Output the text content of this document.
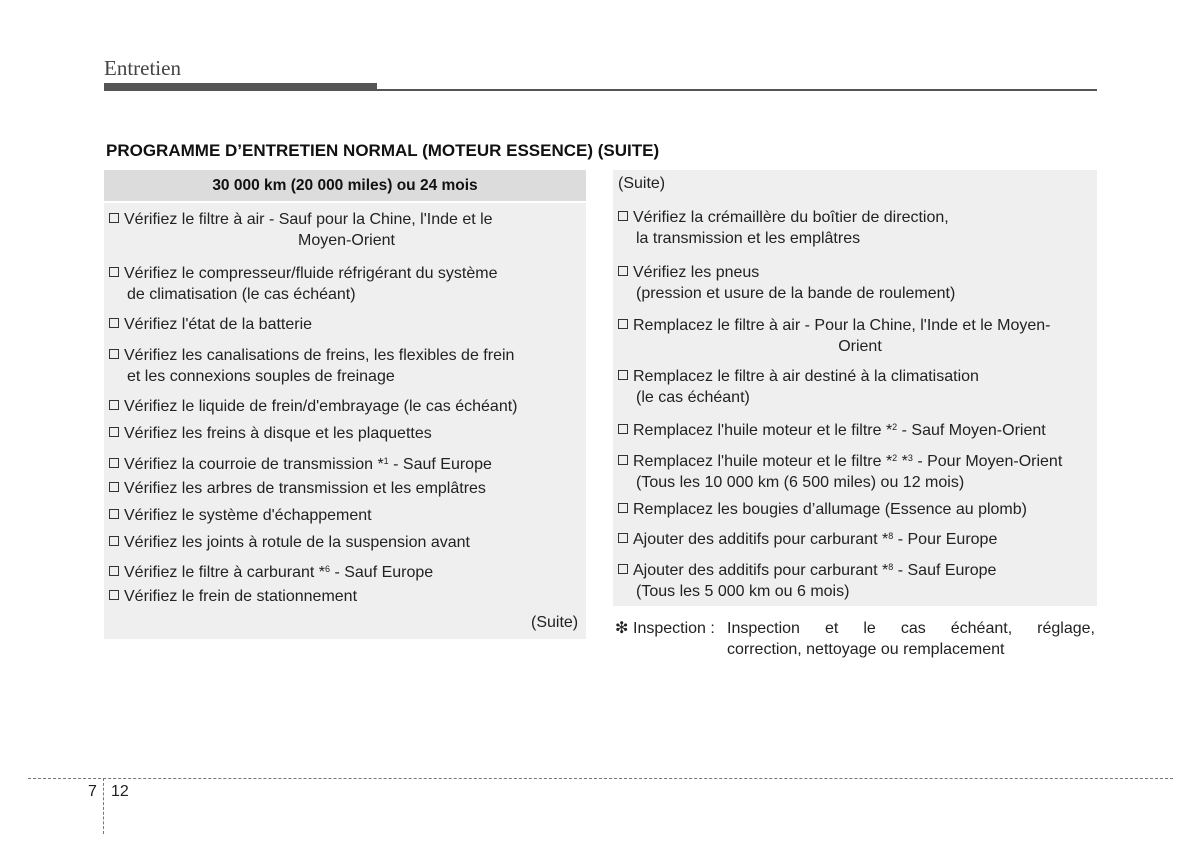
Entretien
PROGRAMME D’ENTRETIEN NORMAL (MOTEUR ESSENCE) (SUITE)
30 000 km (20 000 miles) ou 24 mois
Vérifiez le filtre à air - Sauf pour la Chine, l'Inde et le
Moyen-Orient
Vérifiez le compresseur/fluide réfrigérant du système
de climatisation (le cas échéant)
Vérifiez l'état de la batterie
Vérifiez les canalisations de freins, les flexibles de frein
et les connexions souples de freinage
Vérifiez le liquide de frein/d'embrayage (le cas échéant)
Vérifiez les freins à disque et les plaquettes
Vérifiez la courroie de transmission *$^1$ - Sauf Europe
Vérifiez les arbres de transmission et les emplâtres
Vérifiez le système d'échappement
Vérifiez les joints à rotule de la suspension avant
Vérifiez le filtre à carburant *$^6$ - Sauf Europe
Vérifiez le frein de stationnement
(Suite)
(Suite)
Vérifiez la crémaillère du boîtier de direction,
la transmission et les emplâtres
Vérifiez les pneus
(pression et usure de la bande de roulement)
Remplacez le filtre à air - Pour la Chine, l'Inde et le Moyen-
Orient
Remplacez le filtre à air destiné à la climatisation
(le cas échéant)
Remplacez l'huile moteur et le filtre *$^2$ - Sauf Moyen-Orient
Remplacez l'huile moteur et le filtre *$^2$ *$^3$ - Pour Moyen-Orient
(Tous les 10 000 km (6 500 miles) ou 12 mois)
Remplacez les bougies d’allumage (Essence au plomb)
Ajouter des additifs pour carburant *$^8$ - Pour Europe
Ajouter des additifs pour carburant *$^8$ - Sauf Europe
(Tous les 5 000 km ou 6 mois)
❇ Inspection : Inspection et le cas échéant, réglage,
correction, nettoyage ou remplacement
7 12
